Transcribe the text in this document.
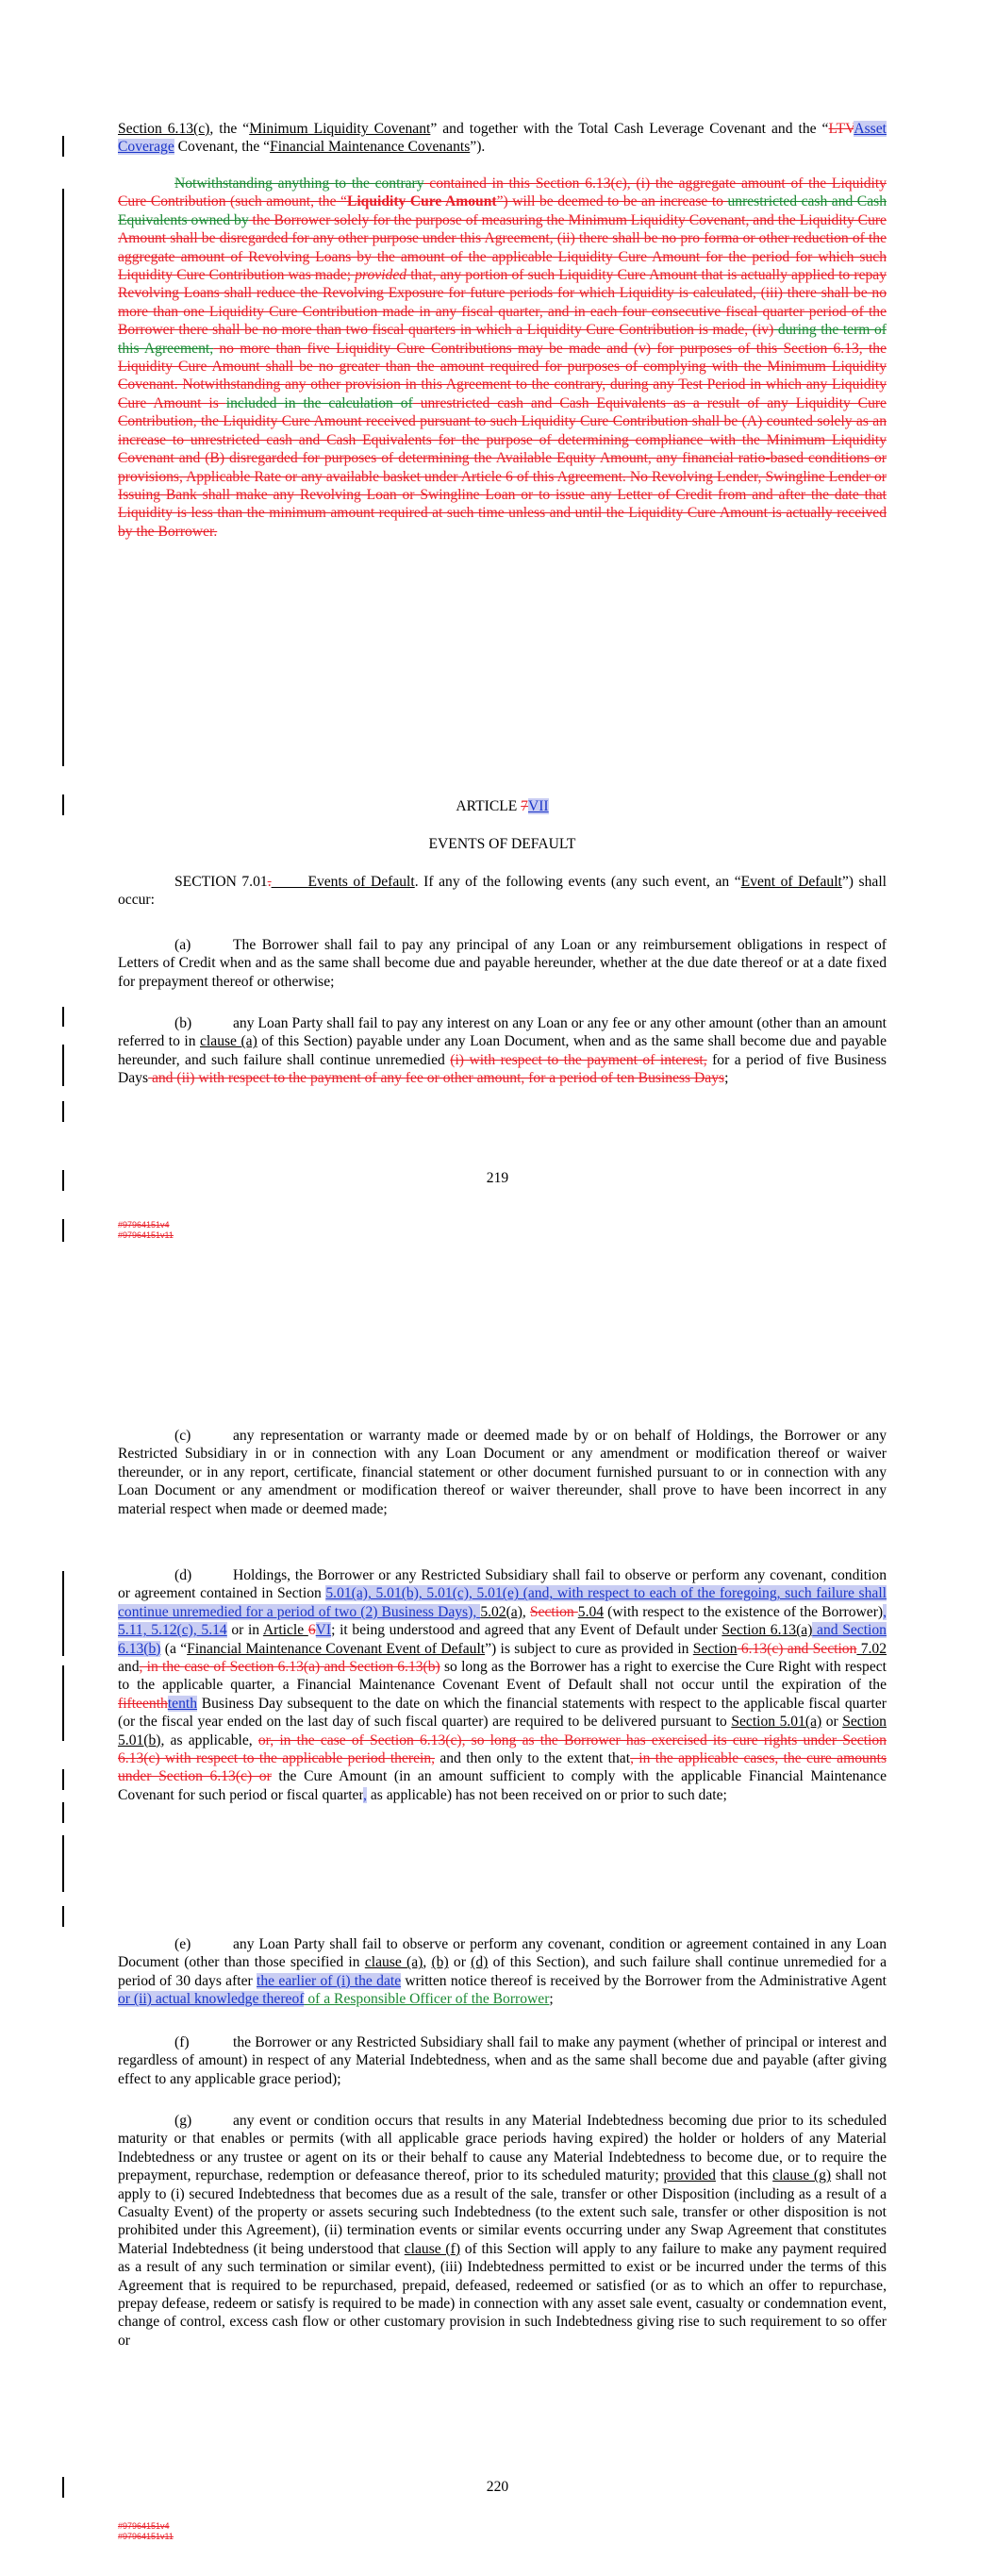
Section 6.13(c), the “Minimum Liquidity Covenant” and together with the Total Cash Leverage Covenant and the “LTVAsset Coverage Covenant, the “Financial Maintenance Covenants”).

Notwithstanding anything to the contrary contained in this Section 6.13(c), (i) the aggregate amount of the Liquidity Cure Contribution (such amount, the “Liquidity Cure Amount”) will be deemed to be an increase to unrestricted cash and Cash Equivalents owned by the Borrower solely for the purpose of measuring the Minimum Liquidity Covenant, and the Liquidity Cure Amount shall be disregarded for any other purpose under this Agreement, (ii) there shall be no pro forma or other reduction of the aggregate amount of Revolving Loans by the amount of the applicable Liquidity Cure Amount for the period for which such Liquidity Cure Contribution was made; provided that, any portion of such Liquidity Cure Amount that is actually applied to repay Revolving Loans shall reduce the Revolving Exposure for future periods for which Liquidity is calculated, (iii) there shall be no more than one Liquidity Cure Contribution made in any fiscal quarter, and in each four consecutive fiscal quarter period of the Borrower there shall be no more than two fiscal quarters in which a Liquidity Cure Contribution is made, (iv) during the term of this Agreement, no more than five Liquidity Cure Contributions may be made and (v) for purposes of this Section 6.13, the Liquidity Cure Amount shall be no greater than the amount required for purposes of complying with the Minimum Liquidity Covenant. Notwithstanding any other provision in this Agreement to the contrary, during any Test Period in which any Liquidity Cure Amount is included in the calculation of unrestricted cash and Cash Equivalents as a result of any Liquidity Cure Contribution, the Liquidity Cure Amount received pursuant to such Liquidity Cure Contribution shall be (A) counted solely as an increase to unrestricted cash and Cash Equivalents for the purpose of determining compliance with the Minimum Liquidity Covenant and (B) disregarded for purposes of determining the Available Equity Amount, any financial ratio-based conditions or provisions, Applicable Rate or any available basket under Article 6 of this Agreement. No Revolving Lender, Swingline Lender or Issuing Bank shall make any Revolving Loan or Swingline Loan or to issue any Letter of Credit from and after the date that Liquidity is less than the minimum amount required at such time unless and until the Liquidity Cure Amount is actually received by the Borrower.

ARTICLE 7VII
EVENTS OF DEFAULT

SECTION 7.01. Events of Default. If any of the following events (any such event, an “Event of Default”) shall occur:

(a)	The Borrower shall fail to pay any principal of any Loan or any reimbursement obligations in respect of Letters of Credit when and as the same shall become due and payable hereunder, whether at the due date thereof or at a date fixed for prepayment thereof or otherwise;

(b)	any Loan Party shall fail to pay any interest on any Loan or any fee or any other amount (other than an amount referred to in clause (a) of this Section) payable under any Loan Document, when and as the same shall become due and payable hereunder, and such failure shall continue unremedied (i) with respect to the payment of interest, for a period of five Business Days and (ii) with respect to the payment of any fee or other amount, for a period of ten Business Days;

219
#97964151v4
#97964151v11

(c)	any representation or warranty made or deemed made by or on behalf of Holdings, the Borrower or any Restricted Subsidiary in or in connection with any Loan Document or any amendment or modification thereof or waiver thereunder, or in any report, certificate, financial statement or other document furnished pursuant to or in connection with any Loan Document or any amendment or modification thereof or waiver thereunder, shall prove to have been incorrect in any material respect when made or deemed made;

(d)	Holdings, the Borrower or any Restricted Subsidiary shall fail to observe or perform any covenant, condition or agreement contained in Section 5.01(a), 5.01(b), 5.01(c), 5.01(e) (and, with respect to each of the foregoing, such failure shall continue unremedied for a period of two (2) Business Days), 5.02(a), Section 5.04 (with respect to the existence of the Borrower), 5.11, 5.12(c), 5.14 or in Article 6VI; it being understood and agreed that any Event of Default under Section 6.13(a) and Section 6.13(b) (a “Financial Maintenance Covenant Event of Default”) is subject to cure as provided in Section 6.13(c) and Section 7.02 and, in the case of Section 6.13(a) and Section 6.13(b) so long as the Borrower has a right to exercise the Cure Right with respect to the applicable quarter, a Financial Maintenance Covenant Event of Default shall not occur until the expiration of the fifteenthtenth Business Day subsequent to the date on which the financial statements with respect to the applicable fiscal quarter (or the fiscal year ended on the last day of such fiscal quarter) are required to be delivered pursuant to Section 5.01(a) or Section 5.01(b), as applicable, or, in the case of Section 6.13(c), so long as the Borrower has exercised its cure rights under Section 6.13(c) with respect to the applicable period therein, and then only to the extent that, in the applicable cases, the cure amounts under Section 6.13(c) or the Cure Amount (in an amount sufficient to comply with the applicable Financial Maintenance Covenant for such period or fiscal quarter, as applicable) has not been received on or prior to such date;

(e)	any Loan Party shall fail to observe or perform any covenant, condition or agreement contained in any Loan Document (other than those specified in clause (a), (b) or (d) of this Section), and such failure shall continue unremedied for a period of 30 days after the earlier of (i) the date written notice thereof is received by the Borrower from the Administrative Agent or (ii) actual knowledge thereof of a Responsible Officer of the Borrower;

(f)	the Borrower or any Restricted Subsidiary shall fail to make any payment (whether of principal or interest and regardless of amount) in respect of any Material Indebtedness, when and as the same shall become due and payable (after giving effect to any applicable grace period);

(g)	any event or condition occurs that results in any Material Indebtedness becoming due prior to its scheduled maturity or that enables or permits (with all applicable grace periods having expired) the holder or holders of any Material Indebtedness or any trustee or agent on its or their behalf to cause any Material Indebtedness to become due, or to require the prepayment, repurchase, redemption or defeasance thereof, prior to its scheduled maturity; provided that this clause (g) shall not apply to (i) secured Indebtedness that becomes due as a result of the sale, transfer or other Disposition (including as a result of a Casualty Event) of the property or assets securing such Indebtedness (to the extent such sale, transfer or other disposition is not prohibited under this Agreement), (ii) termination events or similar events occurring under any Swap Agreement that constitutes Material Indebtedness (it being understood that clause (f) of this Section will apply to any failure to make any payment required as a result of any such termination or similar event), (iii) Indebtedness permitted to exist or be incurred under the terms of this Agreement that is required to be repurchased, prepaid, defeased, redeemed or satisfied (or as to which an offer to repurchase, prepay defease, redeem or satisfy is required to be made) in connection with any asset sale event, casualty or condemnation event, change of control, excess cash flow or other customary provision in such Indebtedness giving rise to such requirement to so offer or

220
#97964151v4
#97964151v11
